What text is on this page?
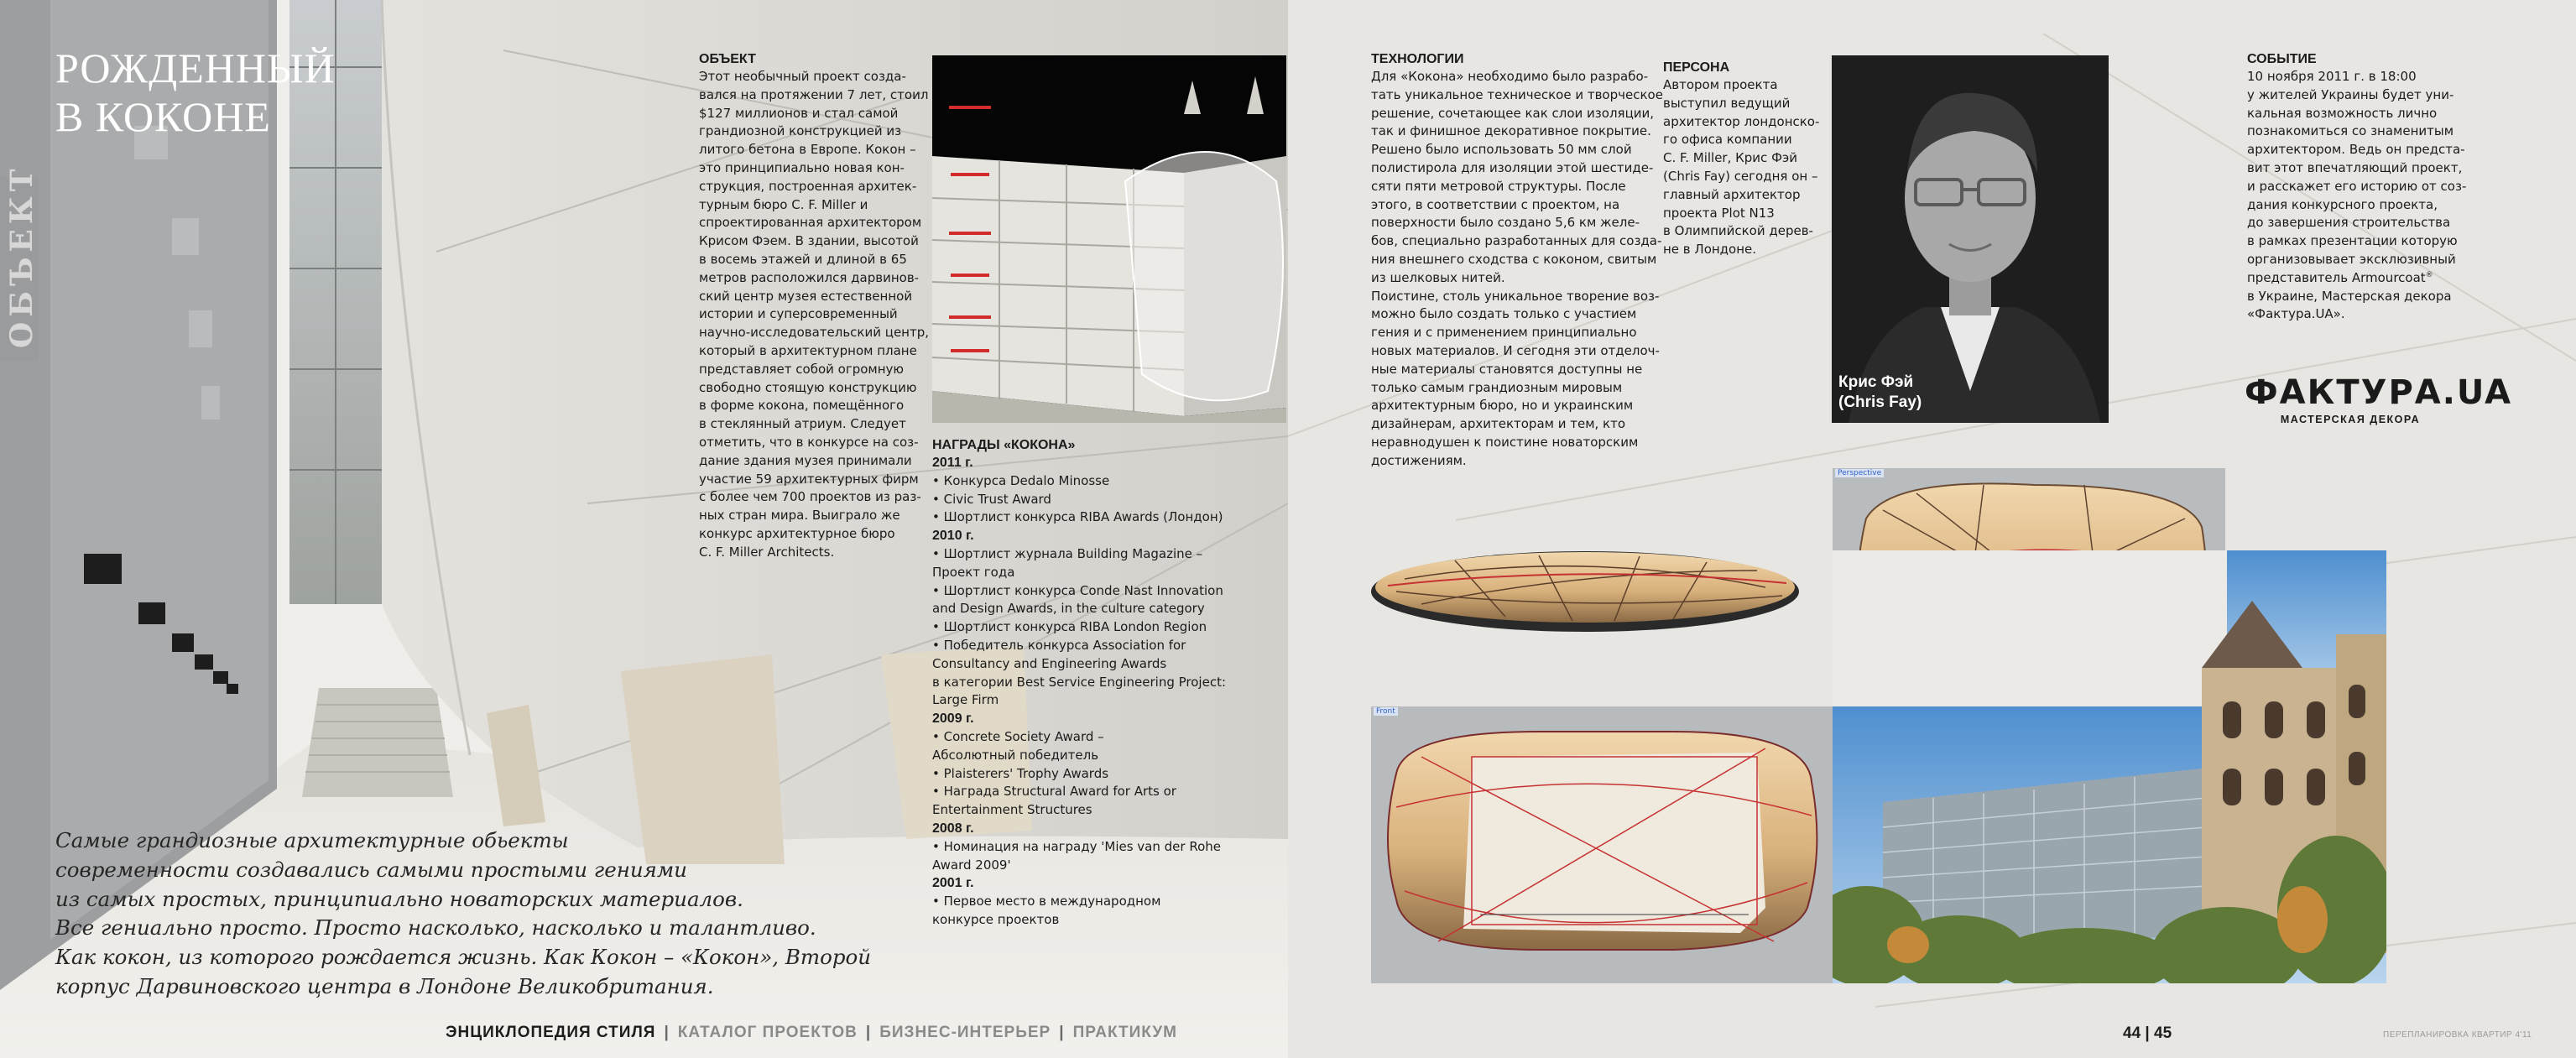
ОБЪЕКТ
РОЖДЕННЫЙ
В КОКОНЕ
Самые грандиозные архитектурные обьекты
современности создавались самыми простыми гениями
из самых простых, принципиально новаторских материалов.
Все гениально просто. Просто насколько, насколько и талантливо.
Как кокон, из которого рождается жизнь. Как Кокон – «Кокон», Второй
корпус Дарвиновского центра в Лондоне Великобритания.
ОБЪЕКТ
Этот необычный проект созда-
вался на протяжении 7 лет, стоил
$127 миллионов и стал самой
грандиозной конструкцией из
литого бетона в Европе. Кокон –
это принципиально новая кон-
струкция, построенная архитек-
турным бюро C. F. Miller и
спроектированная архитектором
Крисом Фэем. В здании, высотой
в восемь этажей и длиной в 65
метров расположился дарвинов-
ский центр музея естественной
истории и суперсовременный
научно-исследовательский центр,
который в архитектурном плане
представляет собой огромную
свободно стоящую конструкцию
в форме кокона, помещённого
в стеклянный атриум. Следует
отметить, что в конкурсе на соз-
дание здания музея принимали
участие 59 архитектурных фирм
с более чем 700 проектов из раз-
ных стран мира. Выиграло же
конкурс архитектурное бюро
C. F. Miller Architects.
НАГРАДЫ «КОКОНА»
2011 г.
• Конкурса Dedalo Minosse
• Civic Trust Award
• Шортлист конкурса RIBA Awards (Лондон)
2010 г.
• Шортлист журнала Building Magazine –
Проект года
• Шортлист конкурса Conde Nast Innovation
and Design Awards, in the culture category
• Шортлист конкурса RIBA London Region
• Победитель конкурса Association for
Consultancy and Engineering Awards
в категории Best Service Engineering Project:
Large Firm
2009 г.
• Concrete Society Award –
Абсолютный победитель
• Plaisterers' Trophy Awards
• Награда Structural Award for Arts or
Entertainment Structures
2008 г.
• Номинация на награду 'Mies van der Rohe
Award 2009'
2001 г.
• Первое место в международном
конкурсе проектов
ЭНЦИКЛОПЕДИЯ СТИЛЯ | КАТАЛОГ ПРОЕКТОВ | БИЗНЕС-ИНТЕРЬЕР | ПРАКТИКУМ
ТЕХНОЛОГИИ
Для «Кокона» необходимо было разрабо-
тать уникальное техническое и творческое
решение, сочетающее как слои изоляции,
так и финишное декоративное покрытие.
Решено было использовать 50 мм слой
полистирола для изоляции этой шестиде-
сяти пяти метровой структуры. После
этого, в соответствии с проектом, на
поверхности было создано 5,6 км желе-
бов, специально разработанных для созда-
ния внешнего сходства с коконом, свитым
из шелковых нитей.
Поистине, столь уникальное творение воз-
можно было создать только с участием
гения и с применением принципиально
новых материалов. И сегодня эти отделоч-
ные материалы становятся доступны не
только самым грандиозным мировым
архитектурным бюро, но и украинским
дизайнерам, архитекторам и тем, кто
неравнодушен к поистине новаторским
достижениям.
ПЕРСОНА
Автором проекта
выступил ведущий
архитектор лондонско-
го офиса компании
C. F. Miller, Крис Фэй
(Chris Fay) сегодня он –
главный архитектор
проекта Plot N13
в Олимпийской дерев-
не в Лондоне.
Крис Фэй
(Chris Fay)
СОБЫТИЕ
10 ноября 2011 г. в 18:00
у жителей Украины будет уни-
кальная возможность лично
познакомиться со знаменитым
архитектором. Ведь он предста-
вит этот впечатляющий проект,
и расскажет его историю от соз-
дания конкурсного проекта,
до завершения строительства
в рамках презентации которую
организовывает эксклюзивный
представитель Armourcoat®
в Украине, Мастерская декора
«Фактура.UA».
ФАКТУРА.UA
МАСТЕРСКАЯ ДЕКОРА
Perspective
Front
44 | 45	ПЕРЕПЛАНИРОВКА КВАРТИР 4'11
